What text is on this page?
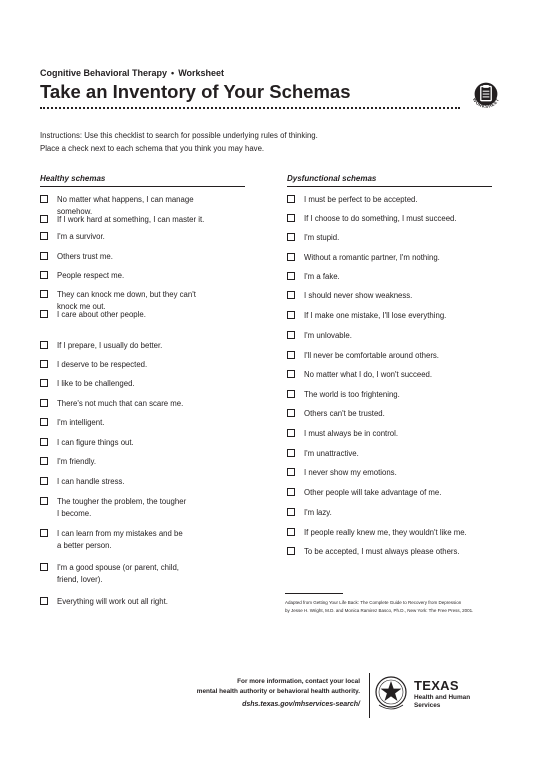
Cognitive Behavioral Therapy • Worksheet
Take an Inventory of Your Schemas	WORKSHEET
Instructions: Use this checklist to search for possible underlying rules of thinking.
Place a check next to each schema that you think you may have.
Healthy schemas	Dysfunctional schemas
No matter what happens, I can manage
somehow.
If I work hard at something, I can master it.
I'm a survivor.
Others trust me.
People respect me.
They can knock me down, but they can't
knock me out.
I care about other people.
If I prepare, I usually do better.
I deserve to be respected.
I like to be challenged.
There's not much that can scare me.
I'm intelligent.
I can figure things out.
I'm friendly.
I can handle stress.
The tougher the problem, the tougher
I become.
I can learn from my mistakes and be
a better person.
I'm a good spouse (or parent, child,
friend, lover).
Everything will work out all right.
I must be perfect to be accepted.
If I choose to do something, I must succeed.
I'm stupid.
Without a romantic partner, I'm nothing.
I'm a fake.
I should never show weakness.
If I make one mistake, I'll lose everything.
I'm unlovable.
I'll never be comfortable around others.
No matter what I do, I won't succeed.
The world is too frightening.
Others can't be trusted.
I must always be in control.
I'm unattractive.
I never show my emotions.
Other people will take advantage of me.
I'm lazy.
If people really knew me, they wouldn't like me.
To be accepted, I must always please others.
Adapted from Getting Your Life Back: The Complete Guide to Recovery from Depression
by Jesse H. Wright, M.D. and Monica Ramirez Basco, Ph.D., New York: The Free Press, 2001.
For more information, contact your local
mental health authority or behavioral health authority.
dshs.texas.gov/mhservices-search/
TEXAS
Health and Human
Services
